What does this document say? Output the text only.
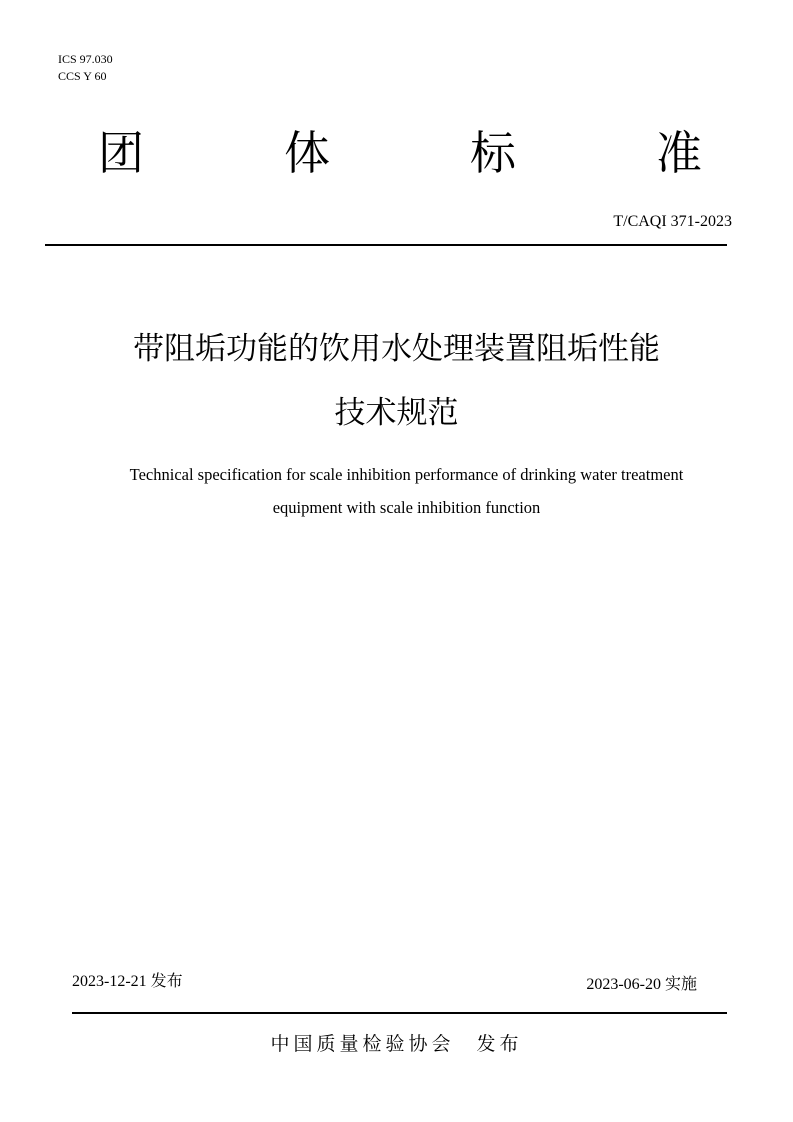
ICS 97.030
CCS Y 60
团	体	标	准
T/CAQI 371-2023
带阻垢功能的饮用水处理装置阻垢性能
技术规范
Technical specification for scale inhibition performance of drinking water treatment
equipment with scale inhibition function
2023-12-21 发布	2023-06-20 实施
中国质量检验协会 发布
